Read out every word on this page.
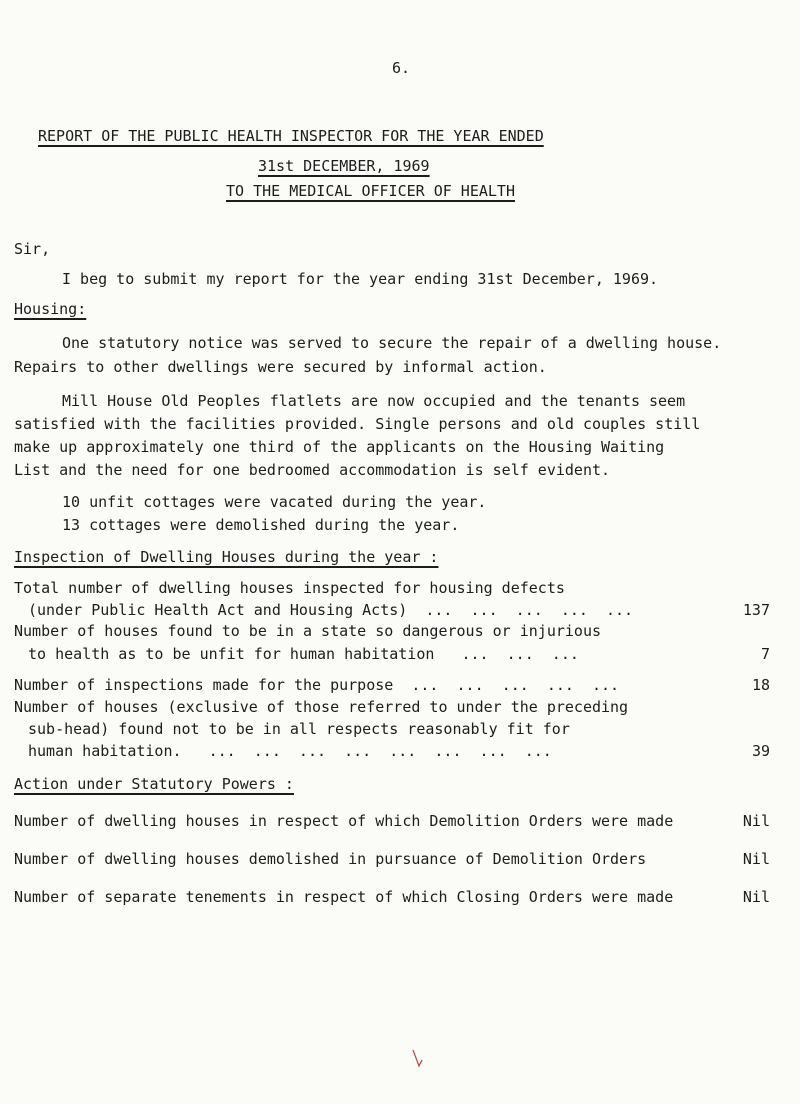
6.
REPORT OF THE PUBLIC HEALTH INSPECTOR FOR THE YEAR ENDED
31st DECEMBER, 1969
TO THE MEDICAL OFFICER OF HEALTH
Sir,
I beg to submit my report for the year ending 31st December, 1969.
Housing:
One statutory notice was served to secure the repair of a dwelling house.
Repairs to other dwellings were secured by informal action.
Mill House Old Peoples flatlets are now occupied and the tenants seem
satisfied with the facilities provided. Single persons and old couples still
make up approximately one third of the applicants on the Housing Waiting
List and the need for one bedroomed accommodation is self evident.
10 unfit cottages were vacated during the year.
13 cottages were demolished during the year.
Inspection of Dwelling Houses during the year :
Total number of dwelling houses inspected for housing defects
(under Public Health Act and Housing Acts)  ...  ...  ...  ...  ...	137
Number of houses found to be in a state so dangerous or injurious
to health as to be unfit for human habitation   ...  ...  ...	7
Number of inspections made for the purpose  ...  ...  ...  ...  ...	18
Number of houses (exclusive of those referred to under the preceding
sub-head) found not to be in all respects reasonably fit for
human habitation.   ...  ...  ...  ...  ...  ...  ...  ...	39
Action under Statutory Powers :
Number of dwelling houses in respect of which Demolition Orders were made	Nil
Number of dwelling houses demolished in pursuance of Demolition Orders	Nil
Number of separate tenements in respect of which Closing Orders were made	Nil
